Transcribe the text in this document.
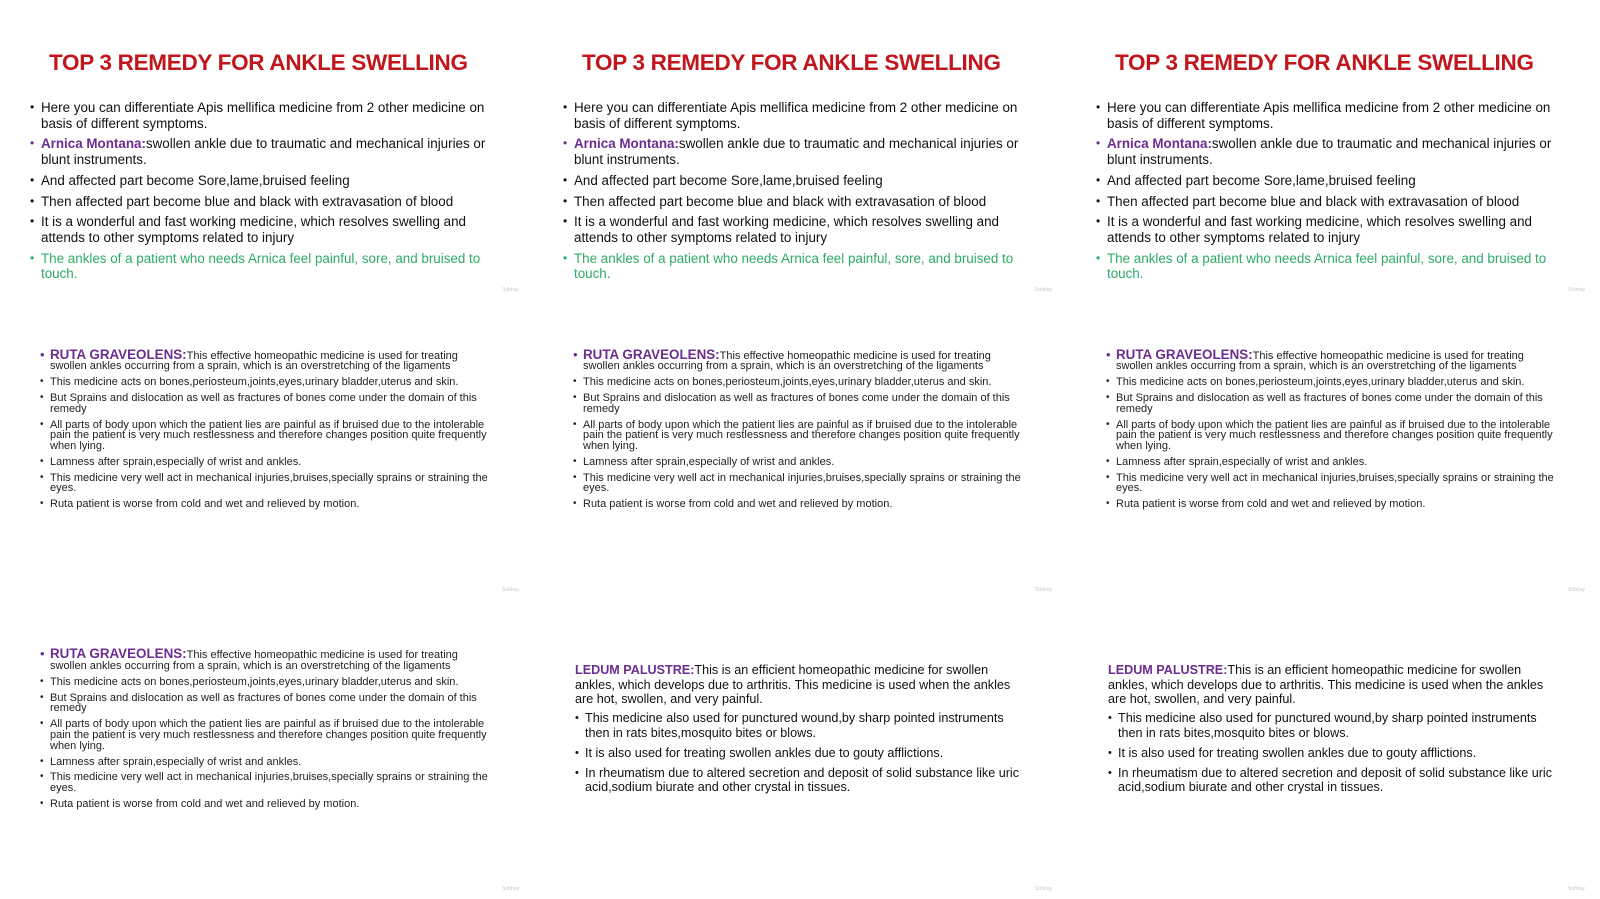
TOP 3 REMEDY FOR ANKLE SWELLING
• Here you can differentiate Apis mellifica medicine from 2 other medicine on basis of different symptoms.
• Arnica Montana:swollen ankle due to traumatic and mechanical injuries or blunt instruments.
• And affected part become Sore,lame,bruised feeling
• Then affected part become blue and black with extravasation of blood
• It is a wonderful and fast working medicine, which resolves swelling and attends to other symptoms related to injury
• The ankles of a patient who needs Arnica feel painful, sore, and bruised to touch.
Sobhay
TOP 3 REMEDY FOR ANKLE SWELLING
• Here you can differentiate Apis mellifica medicine from 2 other medicine on basis of different symptoms.
• Arnica Montana:swollen ankle due to traumatic and mechanical injuries or blunt instruments.
• And affected part become Sore,lame,bruised feeling
• Then affected part become blue and black with extravasation of blood
• It is a wonderful and fast working medicine, which resolves swelling and attends to other symptoms related to injury
• The ankles of a patient who needs Arnica feel painful, sore, and bruised to touch.
Sobhay
TOP 3 REMEDY FOR ANKLE SWELLING
• Here you can differentiate Apis mellifica medicine from 2 other medicine on basis of different symptoms.
• Arnica Montana:swollen ankle due to traumatic and mechanical injuries or blunt instruments.
• And affected part become Sore,lame,bruised feeling
• Then affected part become blue and black with extravasation of blood
• It is a wonderful and fast working medicine, which resolves swelling and attends to other symptoms related to injury
• The ankles of a patient who needs Arnica feel painful, sore, and bruised to touch.
Sobhay
• RUTA GRAVEOLENS:This effective homeopathic medicine is used for treating swollen ankles occurring from a sprain, which is an overstretching of the ligaments
• This medicine acts on bones,periosteum,joints,eyes,urinary bladder,uterus and skin.
• But Sprains and dislocation as well as fractures of bones come under the domain of this remedy
• All parts of body upon which the patient lies are painful as if bruised due to the intolerable pain the patient is very much restlessness and therefore changes position quite frequently when lying.
• Lamness after sprain,especially of wrist and ankles.
• This medicine very well act in mechanical injuries,bruises,specially sprains or straining the eyes.
• Ruta patient is worse from cold and wet and relieved by motion.
Sobhay
• RUTA GRAVEOLENS:This effective homeopathic medicine is used for treating swollen ankles occurring from a sprain, which is an overstretching of the ligaments
• This medicine acts on bones,periosteum,joints,eyes,urinary bladder,uterus and skin.
• But Sprains and dislocation as well as fractures of bones come under the domain of this remedy
• All parts of body upon which the patient lies are painful as if bruised due to the intolerable pain the patient is very much restlessness and therefore changes position quite frequently when lying.
• Lamness after sprain,especially of wrist and ankles.
• This medicine very well act in mechanical injuries,bruises,specially sprains or straining the eyes.
• Ruta patient is worse from cold and wet and relieved by motion.
Sobhay
• RUTA GRAVEOLENS:This effective homeopathic medicine is used for treating swollen ankles occurring from a sprain, which is an overstretching of the ligaments
• This medicine acts on bones,periosteum,joints,eyes,urinary bladder,uterus and skin.
• But Sprains and dislocation as well as fractures of bones come under the domain of this remedy
• All parts of body upon which the patient lies are painful as if bruised due to the intolerable pain the patient is very much restlessness and therefore changes position quite frequently when lying.
• Lamness after sprain,especially of wrist and ankles.
• This medicine very well act in mechanical injuries,bruises,specially sprains or straining the eyes.
• Ruta patient is worse from cold and wet and relieved by motion.
Sobhay
• RUTA GRAVEOLENS:This effective homeopathic medicine is used for treating swollen ankles occurring from a sprain, which is an overstretching of the ligaments
• This medicine acts on bones,periosteum,joints,eyes,urinary bladder,uterus and skin.
• But Sprains and dislocation as well as fractures of bones come under the domain of this remedy
• All parts of body upon which the patient lies are painful as if bruised due to the intolerable pain the patient is very much restlessness and therefore changes position quite frequently when lying.
• Lamness after sprain,especially of wrist and ankles.
• This medicine very well act in mechanical injuries,bruises,specially sprains or straining the eyes.
• Ruta patient is worse from cold and wet and relieved by motion.
Sobhay

LEDUM PALUSTRE:This is an efficient homeopathic medicine for swollen ankles, which develops due to arthritis. This medicine is used when the ankles are hot, swollen, and very painful.

• This medicine also used for punctured wound,by sharp pointed instruments then in rats bites,mosquito bites or blows.
• It is also used for treating swollen ankles due to gouty afflictions.
• In rheumatism due to altered secretion and deposit of solid substance like uric acid,sodium biurate and other crystal in tissues.
Sobhay

LEDUM PALUSTRE:This is an efficient homeopathic medicine for swollen ankles, which develops due to arthritis. This medicine is used when the ankles are hot, swollen, and very painful.

• This medicine also used for punctured wound,by sharp pointed instruments then in rats bites,mosquito bites or blows.
• It is also used for treating swollen ankles due to gouty afflictions.
• In rheumatism due to altered secretion and deposit of solid substance like uric acid,sodium biurate and other crystal in tissues.
Sobhay
